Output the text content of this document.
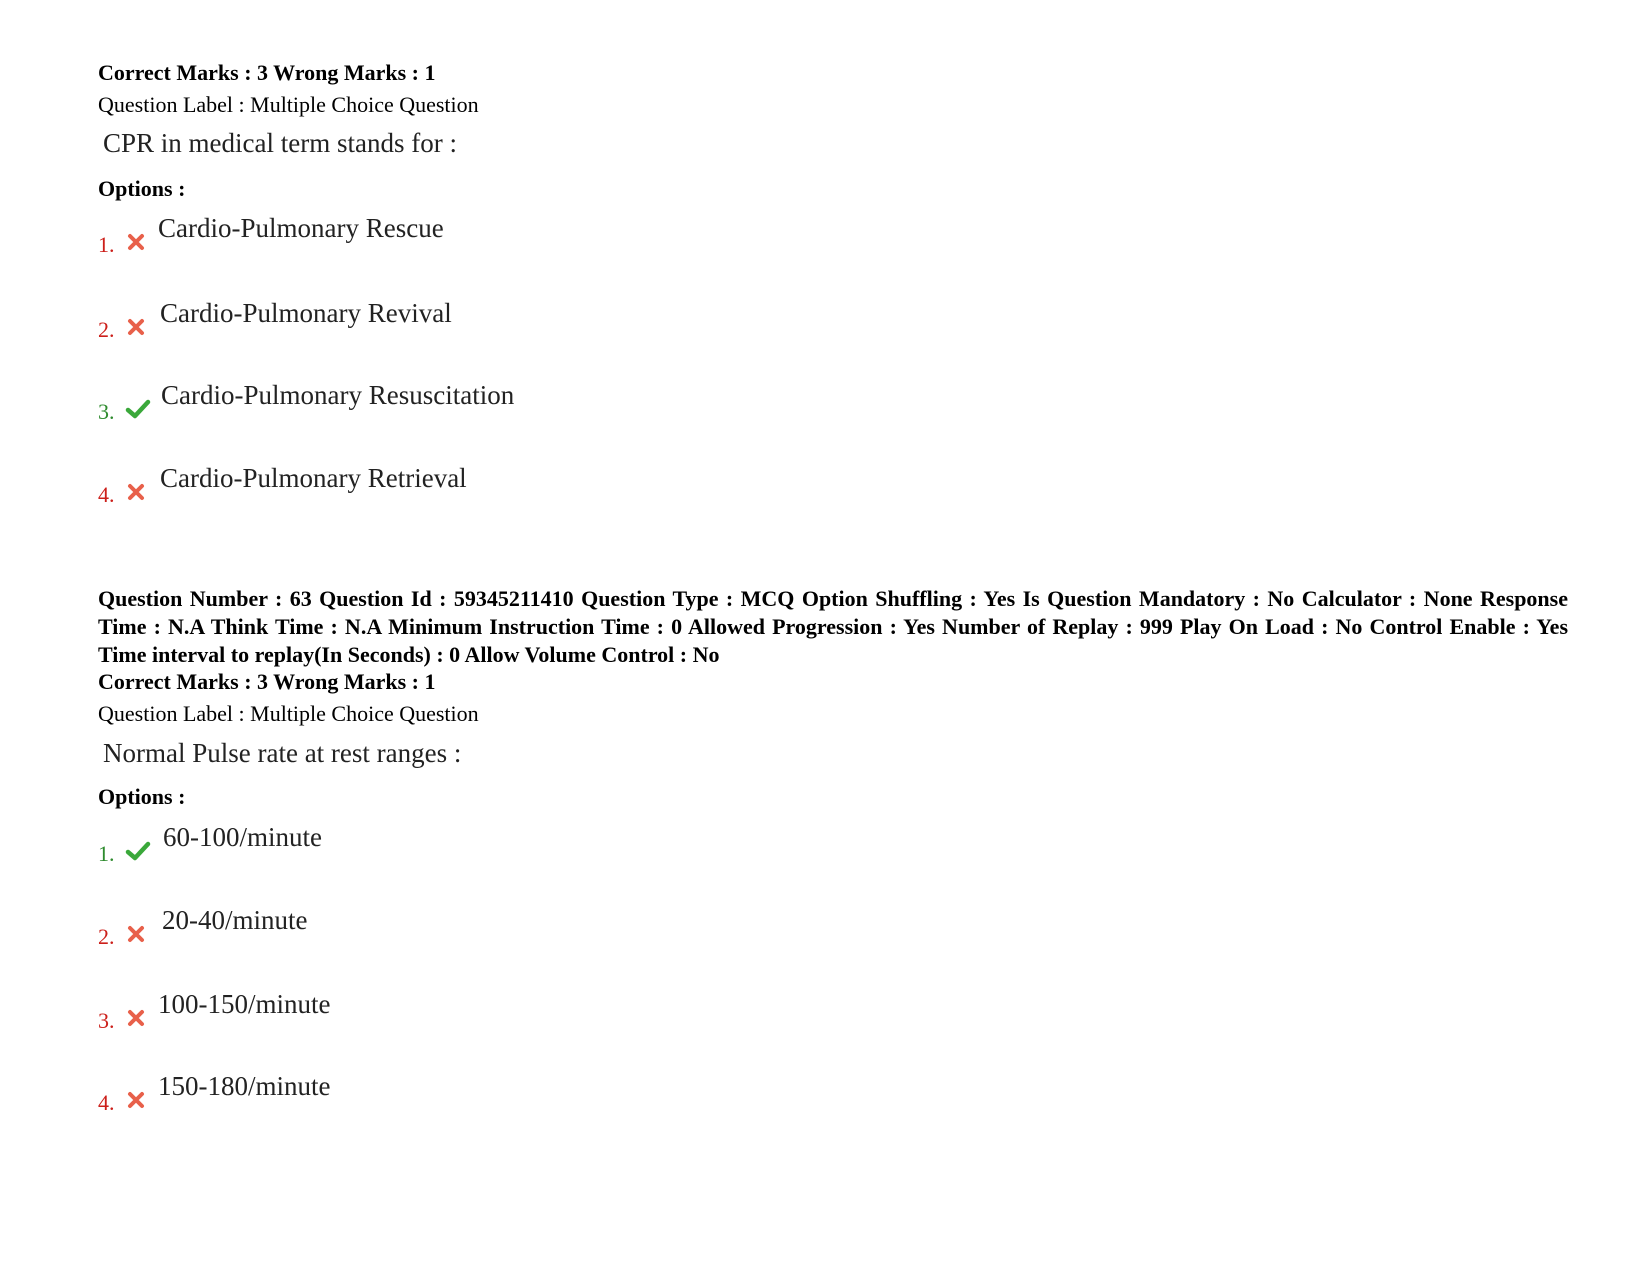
Correct Marks : 3 Wrong Marks : 1
Question Label : Multiple Choice Question
CPR in medical term stands for :
Options :
1.
Cardio-Pulmonary Rescue
2.
Cardio-Pulmonary Revival
3.
Cardio-Pulmonary Resuscitation
4.
Cardio-Pulmonary Retrieval
Question Number : 63 Question Id : 59345211410 Question Type : MCQ Option Shuffling : Yes Is Question Mandatory : No Calculator : None Response Time : N.A Think Time : N.A Minimum Instruction Time : 0 Allowed Progression : Yes Number of Replay : 999 Play On Load : No Control Enable : Yes Time interval to replay(In Seconds) : 0 Allow Volume Control : No
Correct Marks : 3 Wrong Marks : 1
Question Label : Multiple Choice Question
Normal Pulse rate at rest ranges :
Options :
1.
60-100/minute
2.
20-40/minute
3.
100-150/minute
4.
150-180/minute
